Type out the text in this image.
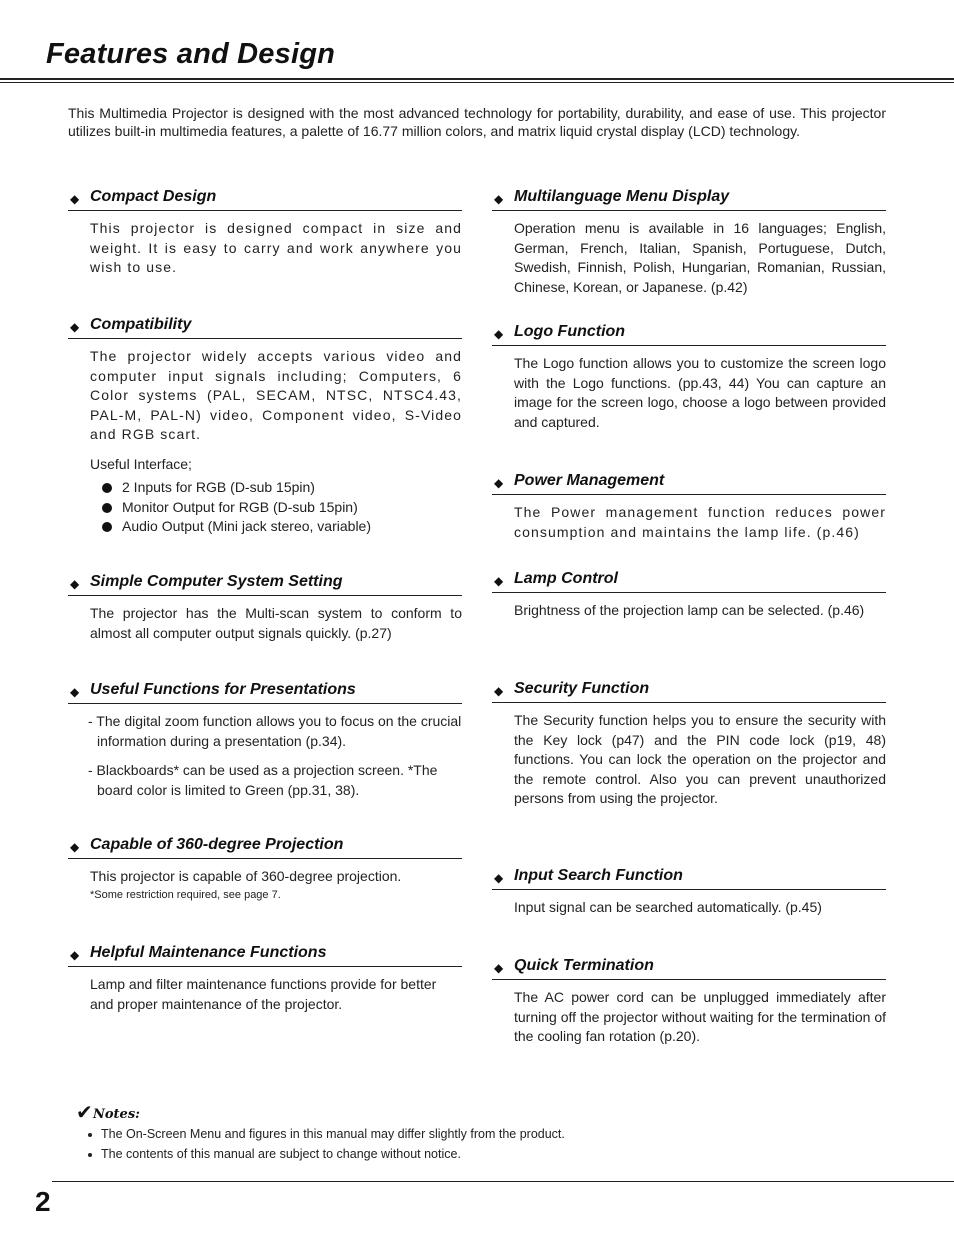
Features and Design

This Multimedia Projector is designed with the most advanced technology for portability, durability, and ease of use. This projector utilizes built-in multimedia features, a palette of 16.77 million colors, and matrix liquid crystal display (LCD) technology.

◆ Compact Design
This projector is designed compact in size and weight. It is easy to carry and work anywhere you wish to use.
◆ Compatibility

The projector widely accepts various video and computer input signals including; Computers, 6 Color systems (PAL, SECAM, NTSC, NTSC4.43, PAL-M, PAL-N) video, Component video, S-Video and RGB scart.

Useful Interface;

2 Inputs for RGB (D-sub 15pin)
Monitor Output for RGB (D-sub 15pin)
Audio Output (Mini jack stereo, variable)
◆ Simple Computer System Setting
The projector has the Multi-scan system to conform to almost all computer output signals quickly. (p.27)
◆ Useful Functions for Presentations

- The digital zoom function allows you to focus on the crucial information during a presentation (p.34).

- Blackboards* can be used as a projection screen. *The board color is limited to Green (pp.31, 38).

◆ Capable of 360-degree Projection
This projector is capable of 360-degree projection.
*Some restriction required, see page 7.
◆ Helpful Maintenance Functions
Lamp and filter maintenance functions provide for better and proper maintenance of the projector.
◆ Multilanguage Menu Display
Operation menu is available in 16 languages; English, German, French, Italian, Spanish, Portuguese, Dutch, Swedish, Finnish, Polish, Hungarian, Romanian, Russian, Chinese, Korean, or Japanese. (p.42)
◆ Logo Function
The Logo function allows you to customize the screen logo with the Logo functions. (pp.43, 44) You can capture an image for the screen logo, choose a logo between provided and captured.
◆ Power Management
The Power management function reduces power consumption and maintains the lamp life. (p.46)
◆ Lamp Control
Brightness of the projection lamp can be selected. (p.46)
◆ Security Function
The Security function helps you to ensure the security with the Key lock (p47) and the PIN code lock (p19, 48) functions. You can lock the operation on the projector and the remote control. Also you can prevent unauthorized persons from using the projector.
◆ Input Search Function
Input signal can be searched automatically. (p.45)
◆ Quick Termination
The AC power cord can be unplugged immediately after turning off the projector without waiting for the termination of the cooling fan rotation (p.20).
✔ Notes:
The On-Screen Menu and figures in this manual may differ slightly from the product.
The contents of this manual are subject to change without notice.
2
